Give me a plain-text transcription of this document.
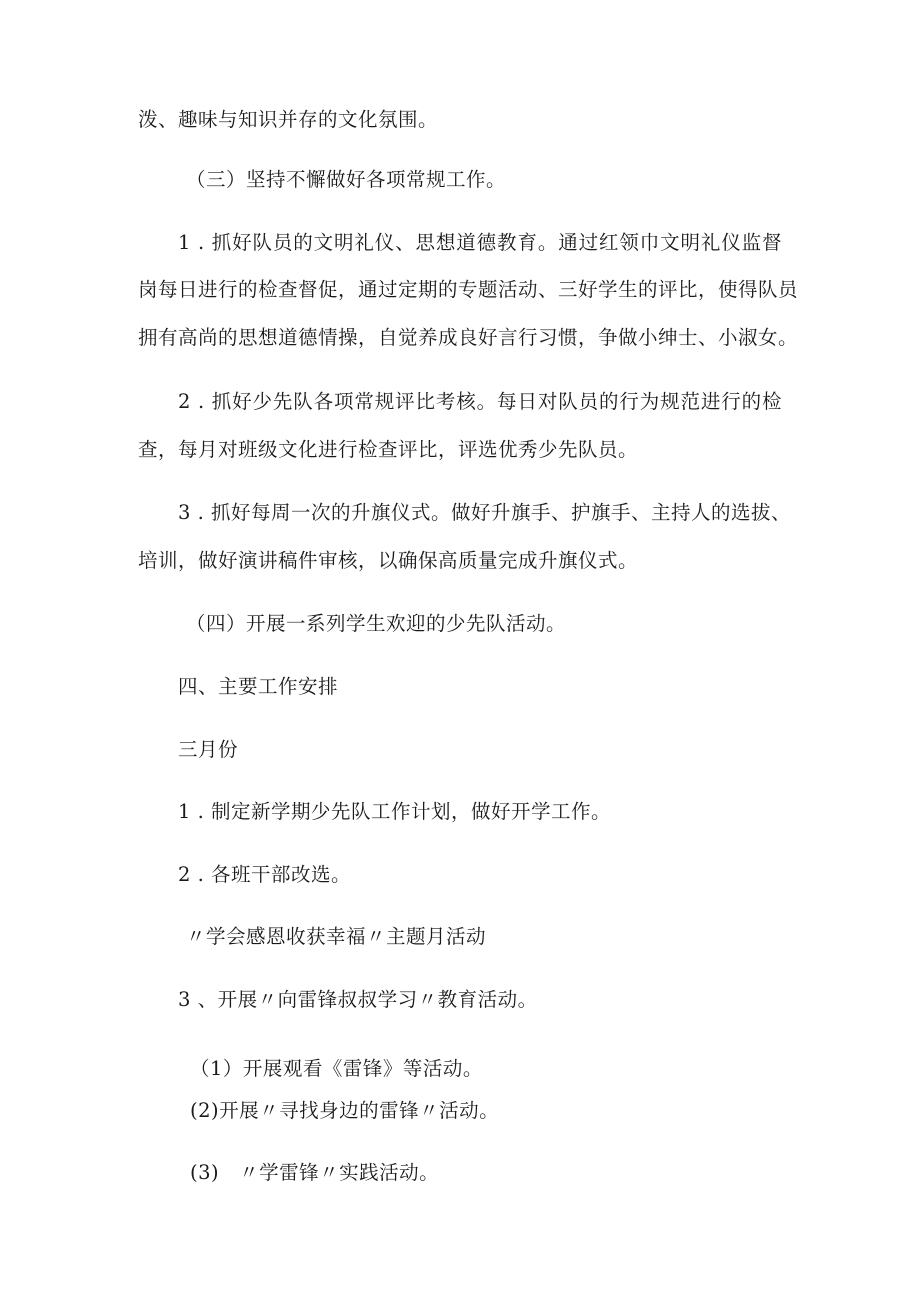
泼、趣味与知识并存的文化氛围。
（三）坚持不懈做好各项常规工作。
1 . 抓好队员的文明礼仪、思想道德教育。通过红领巾文明礼仪监督
岗每日进行的检查督促，通过定期的专题活动、三好学生的评比，使得队员
拥有高尚的思想道德情操，自觉养成良好言行习惯，争做小绅士、小淑女。
2 . 抓好少先队各项常规评比考核。每日对队员的行为规范进行的检
查，每月对班级文化进行检查评比，评选优秀少先队员。
3 . 抓好每周一次的升旗仪式。做好升旗手、护旗手、主持人的选拔、
培训，做好演讲稿件审核，以确保高质量完成升旗仪式。
（四）开展一系列学生欢迎的少先队活动。
四、主要工作安排
三月份
1 . 制定新学期少先队工作计划，做好开学工作。
2 . 各班干部改选。
〃学会感恩收获幸福〃主题月活动
3 、开展〃向雷锋叔叔学习〃教育活动。
（1）开展观看《雷锋》等活动。
(2)开展〃寻找身边的雷锋〃活动。
(3)　〃学雷锋〃实践活动。
